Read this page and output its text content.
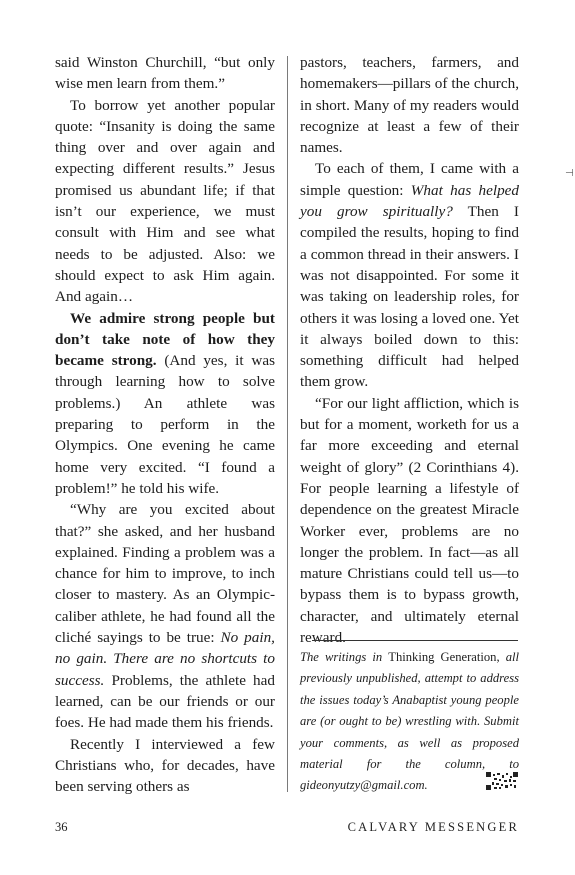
said Winston Churchill, “but only wise men learn from them.”

To borrow yet another popular quote: “Insanity is doing the same thing over and over again and expecting different results.” Jesus promised us abundant life; if that isn’t our experience, we must consult with Him and see what needs to be adjusted. Also: we should expect to ask Him again. And again…

We admire strong people but don’t take note of how they became strong. (And yes, it was through learning how to solve problems.) An athlete was preparing to perform in the Olympics. One evening he came home very excited. “I found a problem!” he told his wife.

“Why are you excited about that?” she asked, and her husband explained. Finding a problem was a chance for him to improve, to inch closer to mastery. As an Olympic-caliber athlete, he had found all the cliché sayings to be true: No pain, no gain. There are no shortcuts to success. Problems, the athlete had learned, can be our friends or our foes. He had made them his friends.

Recently I interviewed a few Christians who, for decades, have been serving others as

pastors, teachers, farmers, and homemakers—pillars of the church, in short. Many of my readers would recognize at least a few of their names.

To each of them, I came with a simple question: What has helped you grow spiritually? Then I compiled the results, hoping to find a common thread in their answers. I was not disappointed. For some it was taking on leadership roles, for others it was losing a loved one. Yet it always boiled down to this: something difficult had helped them grow.

“For our light affliction, which is but for a moment, worketh for us a far more exceeding and eternal weight of glory” (2 Corinthians 4). For people learning a lifestyle of dependence on the greatest Miracle Worker ever, problems are no longer the problem. In fact—as all mature Christians could tell us—to bypass them is to bypass growth, character, and ultimately eternal reward.

The writings in Thinking Generation, all previously unpublished, attempt to address the issues today’s Anabaptist young people are (or ought to be) wrestling with. Submit your comments, as well as proposed material for the column, to gideonyutzy@gmail.com.

⊣
36	CALVARY MESSENGER
